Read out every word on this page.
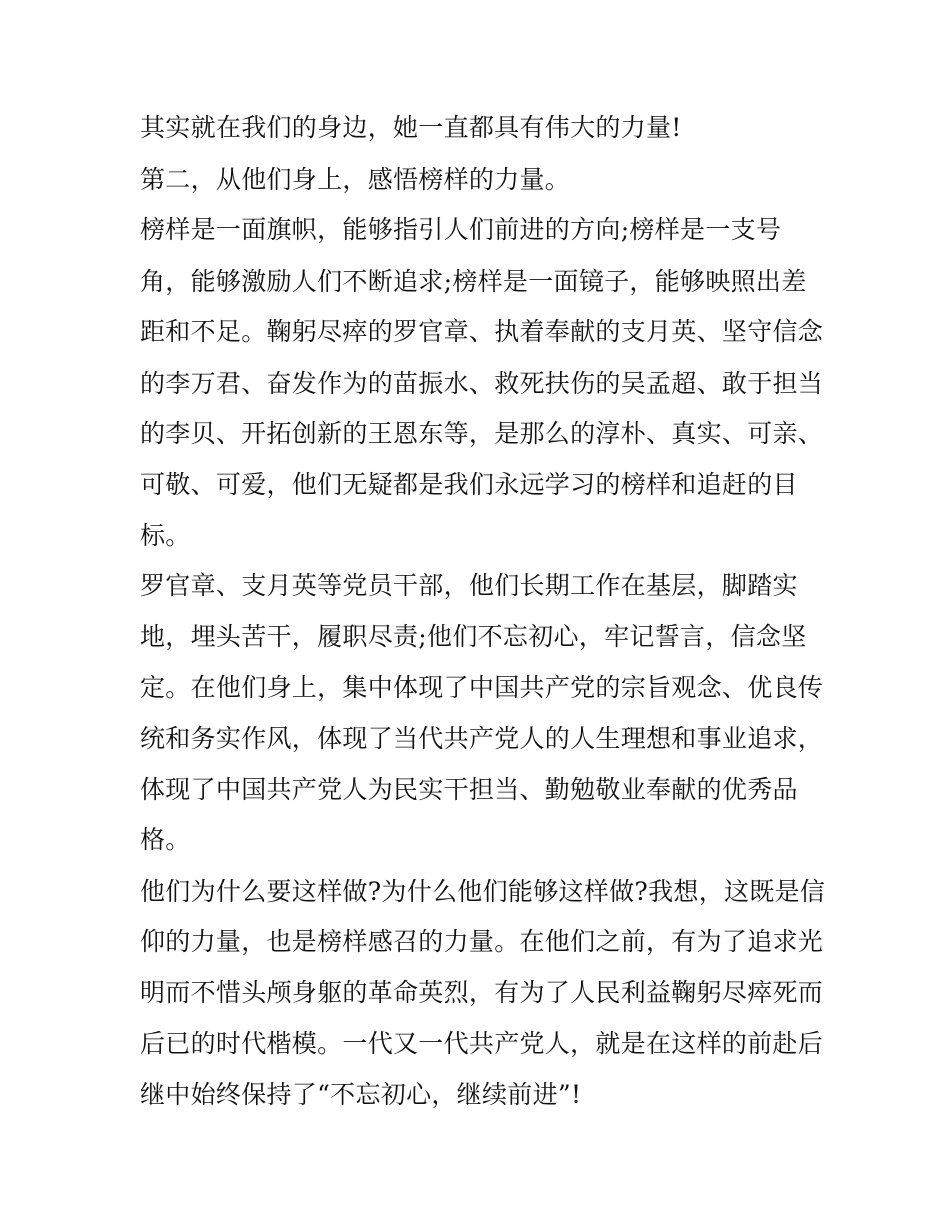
其实就在我们的身边，她一直都具有伟大的力量!
第二，从他们身上，感悟榜样的力量。
榜样是一面旗帜，能够指引人们前进的方向;榜样是一支号
角，能够激励人们不断追求;榜样是一面镜子，能够映照出差
距和不足。鞠躬尽瘁的罗官章、执着奉献的支月英、坚守信念
的李万君、奋发作为的苗振水、救死扶伤的吴孟超、敢于担当
的李贝、开拓创新的王恩东等，是那么的淳朴、真实、可亲、
可敬、可爱，他们无疑都是我们永远学习的榜样和追赶的目
标。
罗官章、支月英等党员干部，他们长期工作在基层，脚踏实
地，埋头苦干，履职尽责;他们不忘初心，牢记誓言，信念坚
定。在他们身上，集中体现了中国共产党的宗旨观念、优良传
统和务实作风，体现了当代共产党人的人生理想和事业追求，
体现了中国共产党人为民实干担当、勤勉敬业奉献的优秀品
格。
他们为什么要这样做?为什么他们能够这样做?我想，这既是信
仰的力量，也是榜样感召的力量。在他们之前，有为了追求光
明而不惜头颅身躯的革命英烈，有为了人民利益鞠躬尽瘁死而
后已的时代楷模。一代又一代共产党人，就是在这样的前赴后
继中始终保持了“不忘初心，继续前进”!
